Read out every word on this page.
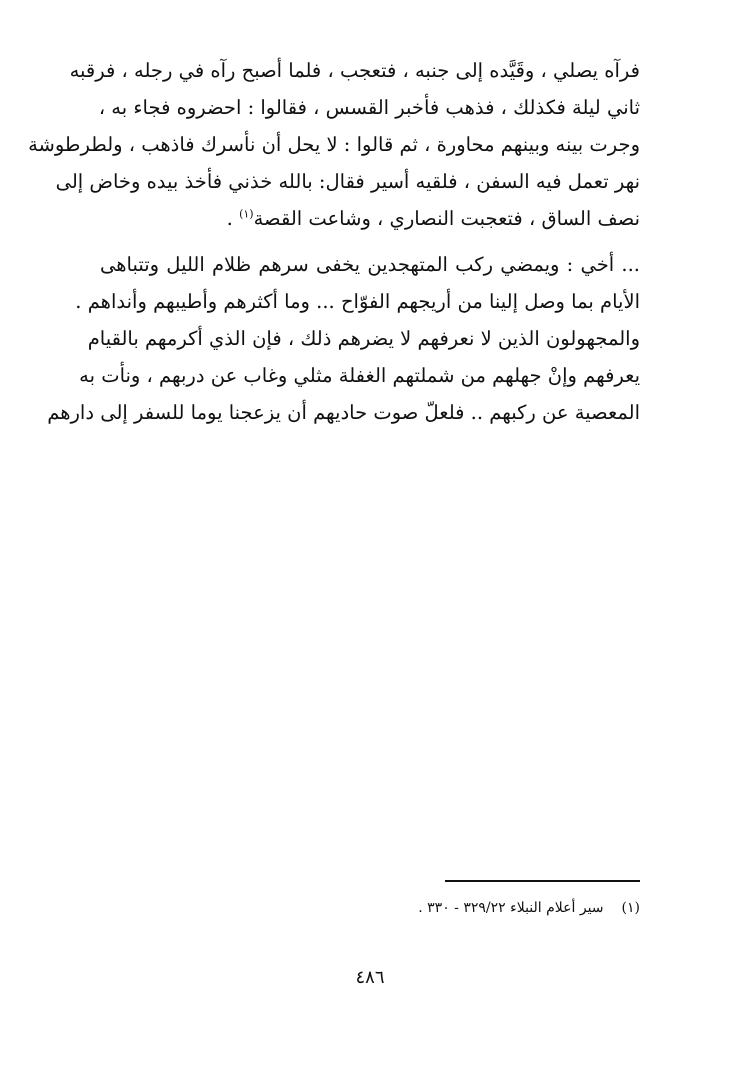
فرآه يصلي ، وقَيَّده إلى جنبه ، فتعجب ، فلما أصبح رآه في رجله ، فرقبه
ثاني ليلة فكذلك ، فذهب فأخبر القسس ، فقالوا : احضروه فجاء به ،
وجرت بينه وبينهم محاورة ، ثم قالوا : لا يحل أن نأسرك فاذهب ، ولطرطوشة
نهر تعمل فيه السفن ، فلقيه أسير فقال: بالله خذني فأخذ بيده وخاض إلى
نصف الساق ، فتعجبت النصاري ، وشاعت القصة$^{(١)}$ .
... أخي : ويمضي ركب المتهجدين يخفى سرهم ظلام الليل وتتباهى
الأيام بما وصل إلينا من أريجهم الفوّاح ... وما أكثرهم وأطيبهم وأنداهم .
والمجهولون الذين لا نعرفهم لا يضرهم ذلك ، فإن الذي أكرمهم بالقيام
يعرفهم وإنْ جهلهم من شملتهم الغفلة مثلي وغاب عن دربهم ، ونأت به
المعصية عن ركبهم .. فلعلّ صوت حاديهم أن يزعجنا يوما للسفر إلى دارهم
(١)سير أعلام النبلاء ٣٢٩/٢٢ - ٣٣٠ .
٤٨٦
